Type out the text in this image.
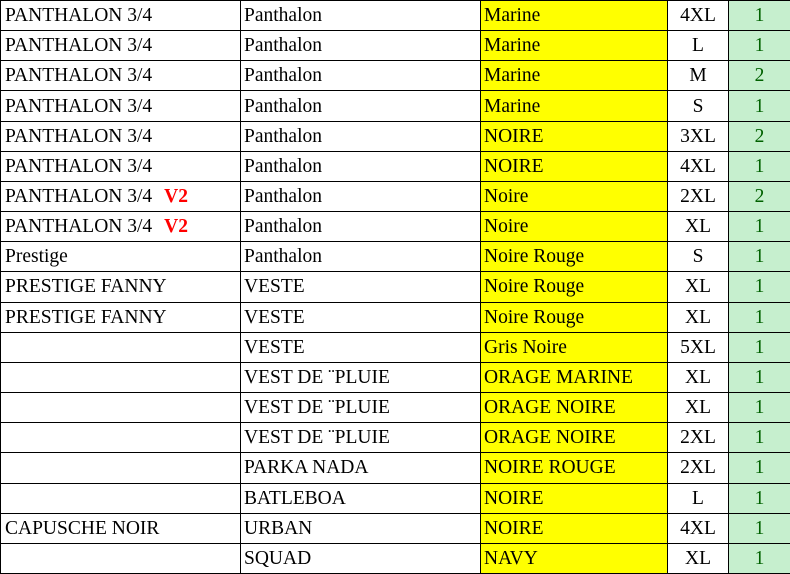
PANTHALON 3/4	Panthalon	Marine	4XL	1
PANTHALON 3/4	Panthalon	Marine	L	1
PANTHALON 3/4	Panthalon	Marine	M	2
PANTHALON 3/4	Panthalon	Marine	S	1
PANTHALON 3/4	Panthalon	NOIRE	3XL	2
PANTHALON 3/4	Panthalon	NOIRE	4XL	1
PANTHALON 3/4 V2	Panthalon	Noire	2XL	2
PANTHALON 3/4 V2	Panthalon	Noire	XL	1
Prestige	Panthalon	Noire Rouge	S	1
PRESTIGE FANNY	VESTE	Noire Rouge	XL	1
PRESTIGE FANNY	VESTE	Noire Rouge	XL	1
	VESTE	Gris Noire	5XL	1
	VEST DE ¨PLUIE	ORAGE MARINE	XL	1
	VEST DE ¨PLUIE	ORAGE NOIRE	XL	1
	VEST DE ¨PLUIE	ORAGE NOIRE	2XL	1
	PARKA NADA	NOIRE ROUGE	2XL	1
	BATLEBOA	NOIRE	L	1
CAPUSCHE NOIR	URBAN	NOIRE	4XL	1
	SQUAD	NAVY	XL	1
